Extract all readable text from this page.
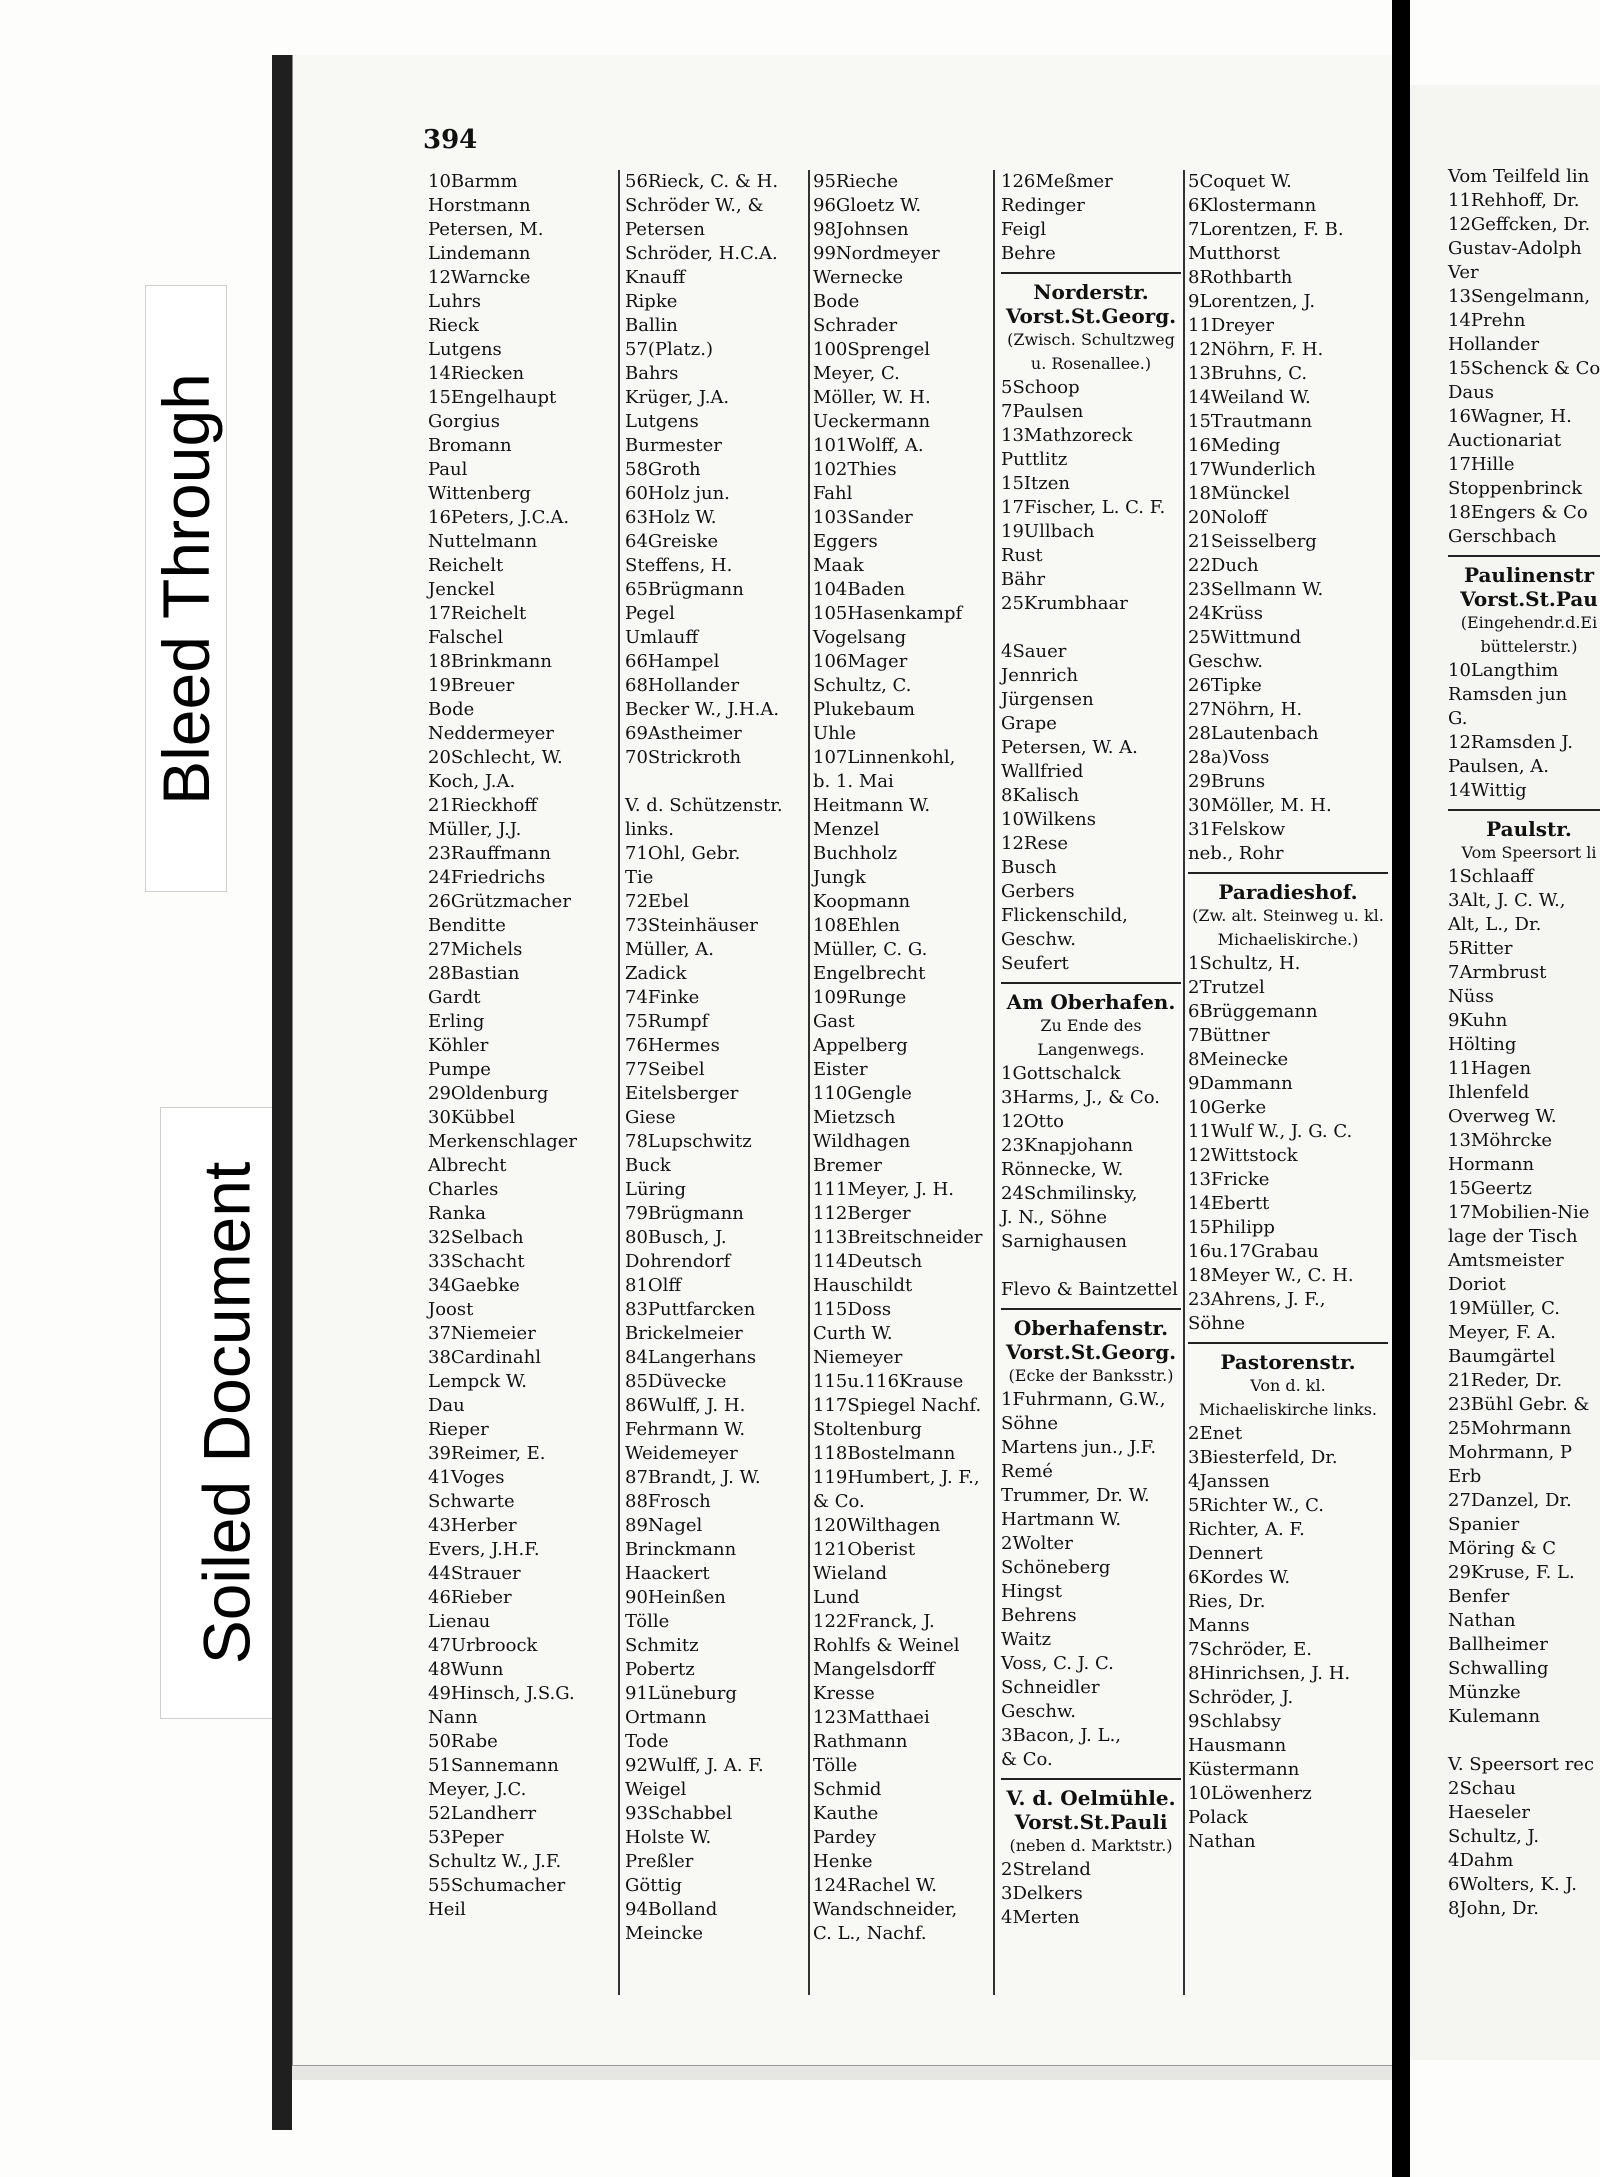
Bleed Through
Soiled Document
394
10Barmm
Horstmann
Petersen, M.
Lindemann
12Warncke
Luhrs
Rieck
Lutgens
14Riecken
15Engelhaupt
Gorgius
Bromann
Paul
Wittenberg
16Peters, J.C.A.
Nuttelmann
Reichelt
Jenckel
17Reichelt
Falschel
18Brinkmann
19Breuer
Bode
Neddermeyer
20Schlecht, W.
Koch, J.A.
21Rieckhoff
Müller, J.J.
23Rauffmann
24Friedrichs
26Grützmacher
Benditte
27Michels
28Bastian
Gardt
Erling
Köhler
Pumpe
29Oldenburg
30Kübbel
Merkenschlager
Albrecht
Charles
Ranka
32Selbach
33Schacht
34Gaebke
Joost
37Niemeier
38Cardinahl
Lempck W.
Dau
Rieper
39Reimer, E.
41Voges
Schwarte
43Herber
Evers, J.H.F.
44Strauer
46Rieber
Lienau
47Urbroock
48Wunn
49Hinsch, J.S.G.
Nann
50Rabe
51Sannemann
Meyer, J.C.
52Landherr
53Peper
Schultz W., J.F.
55Schumacher
Heil
56Rieck, C. & H.
Schröder W., &
Petersen
Schröder, H.C.A.
Knauff
Ripke
Ballin
57(Platz.)
Bahrs
Krüger, J.A.
Lutgens
Burmester
58Groth
60Holz jun.
63Holz W.
64Greiske
Steffens, H.
65Brügmann
Pegel
Umlauff
66Hampel
68Hollander
Becker W., J.H.A.
69Astheimer
70Strickroth

V. d. Schützenstr.
links.
71Ohl, Gebr.
Tie
72Ebel
73Steinhäuser
Müller, A.
Zadick
74Finke
75Rumpf
76Hermes
77Seibel
Eitelsberger
Giese
78Lupschwitz
Buck
Lüring
79Brügmann
80Busch, J.
Dohrendorf
81Olff
83Puttfarcken
Brickelmeier
84Langerhans
85Düvecke
86Wulff, J. H.
Fehrmann W.
Weidemeyer
87Brandt, J. W.
88Frosch
89Nagel
Brinckmann
Haackert
90Heinßen
Tölle
Schmitz
Pobertz
91Lüneburg
Ortmann
Tode
92Wulff, J. A. F.
Weigel
93Schabbel
Holste W.
Preßler
Göttig
94Bolland
Meincke
95Rieche
96Gloetz W.
98Johnsen
99Nordmeyer
Wernecke
Bode
Schrader
100Sprengel
Meyer, C.
Möller, W. H.
Ueckermann
101Wolff, A.
102Thies
Fahl
103Sander
Eggers
Maak
104Baden
105Hasenkampf
Vogelsang
106Mager
Schultz, C.
Plukebaum
Uhle
107Linnenkohl,
b. 1. Mai
Heitmann W.
Menzel
Buchholz
Jungk
Koopmann
108Ehlen
Müller, C. G.
Engelbrecht
109Runge
Gast
Appelberg
Eister
110Gengle
Mietzsch
Wildhagen
Bremer
111Meyer, J. H.
112Berger
113Breitschneider
114Deutsch
Hauschildt
115Doss
Curth W.
Niemeyer
115u.116Krause
117Spiegel Nachf.
Stoltenburg
118Bostelmann
119Humbert, J. F.,
& Co.
120Wilthagen
121Oberist
Wieland
Lund
122Franck, J.
Rohlfs & Weinel
Mangelsdorff
Kresse
123Matthaei
Rathmann
Tölle
Schmid
Kauthe
Pardey
Henke
124Rachel W.
Wandschneider,
C. L., Nachf.
126Meßmer
Redinger
Feigl
Behre
Norderstr.
Vorst.St.Georg.
(Zwisch. Schultzweg u. Rosenallee.)
5Schoop
7Paulsen
13Mathzoreck
Puttlitz
15Itzen
17Fischer, L. C. F.
19Ullbach
Rust
Bähr
25Krumbhaar

4Sauer
Jennrich
Jürgensen
Grape
Petersen, W. A.
Wallfried
8Kalisch
10Wilkens
12Rese
Busch
Gerbers
Flickenschild,
Geschw.
Seufert
Am Oberhafen.
Zu Ende des Langenwegs.
1Gottschalck
3Harms, J., & Co.
12Otto
23Knapjohann
Rönnecke, W.
24Schmilinsky,
J. N., Söhne
Sarnighausen

Flevo & Baintzettel
Oberhafenstr.
Vorst.St.Georg.
(Ecke der Banksstr.)
1Fuhrmann, G.W.,
Söhne
Martens jun., J.F.
Remé
Trummer, Dr. W.
Hartmann W.
2Wolter
Schöneberg
Hingst
Behrens
Waitz
Voss, C. J. C.
Schneidler
Geschw.
3Bacon, J. L.,
& Co.
V. d. Oelmühle.
Vorst.St.Pauli
(neben d. Marktstr.)
2Streland
3Delkers
4Merten
5Coquet W.
6Klostermann
7Lorentzen, F. B.
Mutthorst
8Rothbarth
9Lorentzen, J.
11Dreyer
12Nöhrn, F. H.
13Bruhns, C.
14Weiland W.
15Trautmann
16Meding
17Wunderlich
18Münckel
20Noloff
21Seisselberg
22Duch
23Sellmann W.
24Krüss
25Wittmund
Geschw.
26Tipke
27Nöhrn, H.
28Lautenbach
28a)Voss
29Bruns
30Möller, M. H.
31Felskow
neb., Rohr
Paradieshof.
(Zw. alt. Steinweg u. kl. Michaeliskirche.)
1Schultz, H.
2Trutzel
6Brüggemann
7Büttner
8Meinecke
9Dammann
10Gerke
11Wulf W., J. G. C.
12Wittstock
13Fricke
14Ebertt
15Philipp
16u.17Grabau
18Meyer W., C. H.
23Ahrens, J. F.,
Söhne
Pastorenstr.
Von d. kl. Michaeliskirche links.
2Enet
3Biesterfeld, Dr.
4Janssen
5Richter W., C.
Richter, A. F.
Dennert
6Kordes W.
Ries, Dr.
Manns
7Schröder, E.
8Hinrichsen, J. H.
Schröder, J.
9Schlabsy
Hausmann
Küstermann
10Löwenherz
Polack
Nathan
Vom Teilfeld lin
11Rehhoff, Dr.
12Geffcken, Dr.
Gustav-Adolph
Ver
13Sengelmann,
14Prehn
Hollander
15Schenck & Co
Daus
16Wagner, H.
Auctionariat
17Hille
Stoppenbrinck
18Engers & Co
Gerschbach
Paulinenstr
Vorst.St.Pau
(Eingehendr.d.Ei büttelerstr.)
10Langthim
Ramsden jun
G.
12Ramsden J.
Paulsen, A.
14Wittig
Paulstr.
Vom Speersort li
1Schlaaff
3Alt, J. C. W.,
Alt, L., Dr.
5Ritter
7Armbrust
Nüss
9Kuhn
Hölting
11Hagen
Ihlenfeld
Overweg W.
13Möhrcke
Hormann
15Geertz
17Mobilien-Nie
lage der Tisch
Amtsmeister
Doriot
19Müller, C.
Meyer, F. A.
Baumgärtel
21Reder, Dr.
23Bühl Gebr. &
25Mohrmann
Mohrmann, P
Erb
27Danzel, Dr.
Spanier
Möring & C
29Kruse, F. L.
Benfer
Nathan
Ballheimer
Schwalling
Münzke
Kulemann

V. Speersort rec
2Schau
Haeseler
Schultz, J.
4Dahm
6Wolters, K. J.
8John, Dr.
